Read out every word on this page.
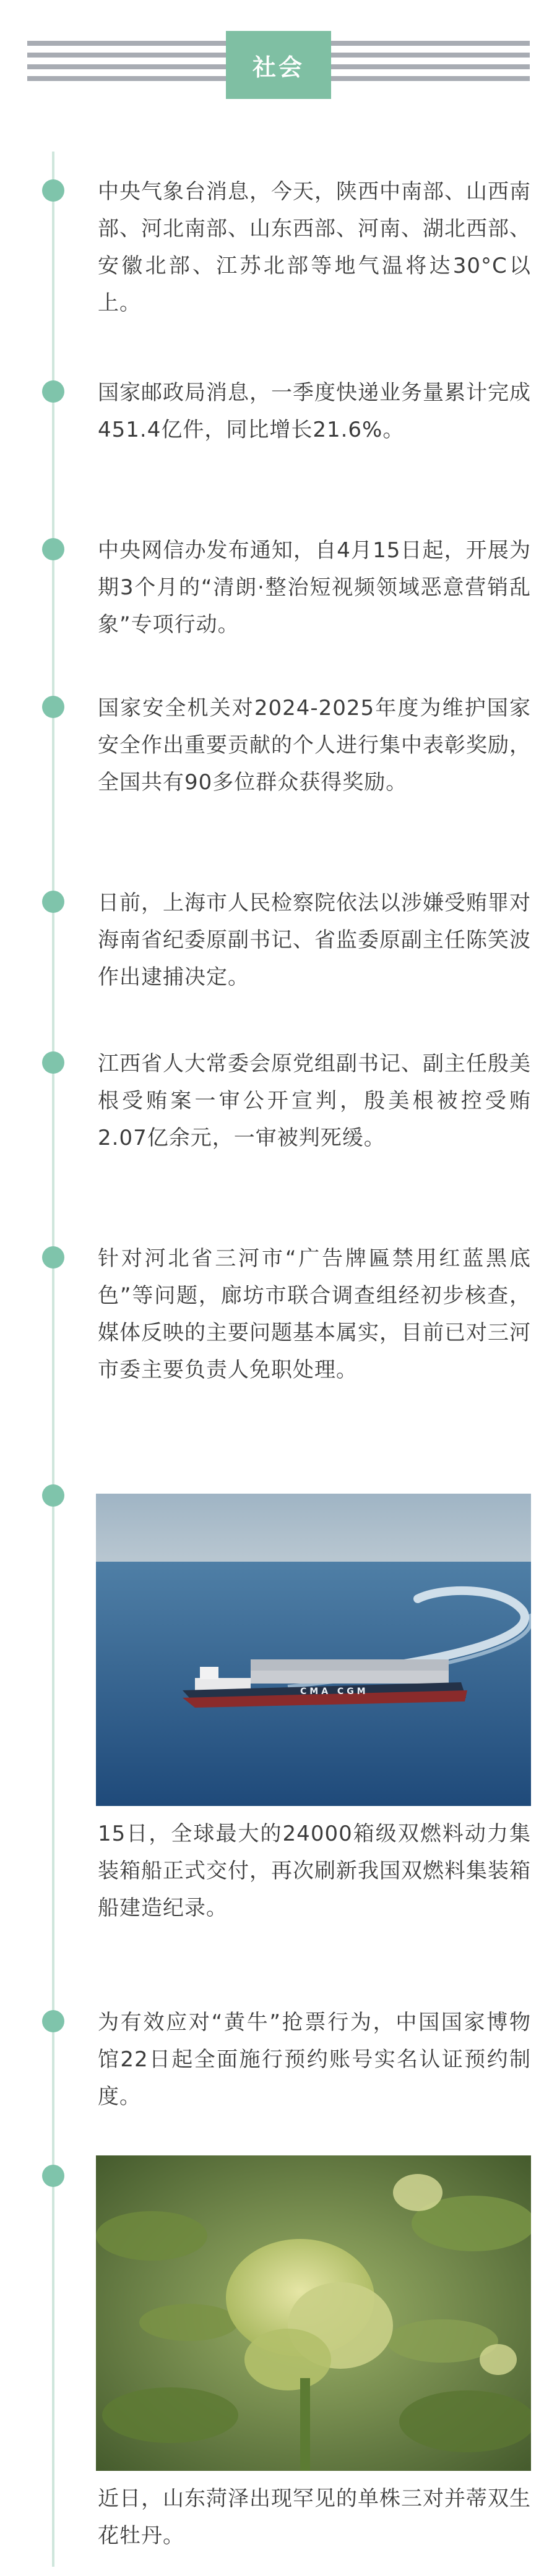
社会

中央气象台消息，今天，陕西中南部、山西南部、河北南部、山东西部、河南、湖北西部、安徽北部、江苏北部等地气温将达30°C以上。

国家邮政局消息，一季度快递业务量累计完成451.4亿件，同比增长21.6%。

中央网信办发布通知，自4月15日起，开展为期3个月的“清朗·整治短视频领域恶意营销乱象”专项行动。

国家安全机关对2024-2025年度为维护国家安全作出重要贡献的个人进行集中表彰奖励，全国共有90多位群众获得奖励。

日前，上海市人民检察院依法以涉嫌受贿罪对海南省纪委原副书记、省监委原副主任陈笑波作出逮捕决定。

江西省人大常委会原党组副书记、副主任殷美根受贿案一审公开宣判，殷美根被控受贿2.07亿余元，一审被判死缓。

针对河北省三河市“广告牌匾禁用红蓝黑底色”等问题，廊坊市联合调查组经初步核查，媒体反映的主要问题基本属实，目前已对三河市委主要负责人免职处理。

CMA CGM

15日，全球最大的24000箱级双燃料动力集装箱船正式交付，再次刷新我国双燃料集装箱船建造纪录。

为有效应对“黄牛”抢票行为，中国国家博物馆22日起全面施行预约账号实名认证预约制度。

近日，山东菏泽出现罕见的单株三对并蒂双生花牡丹。
